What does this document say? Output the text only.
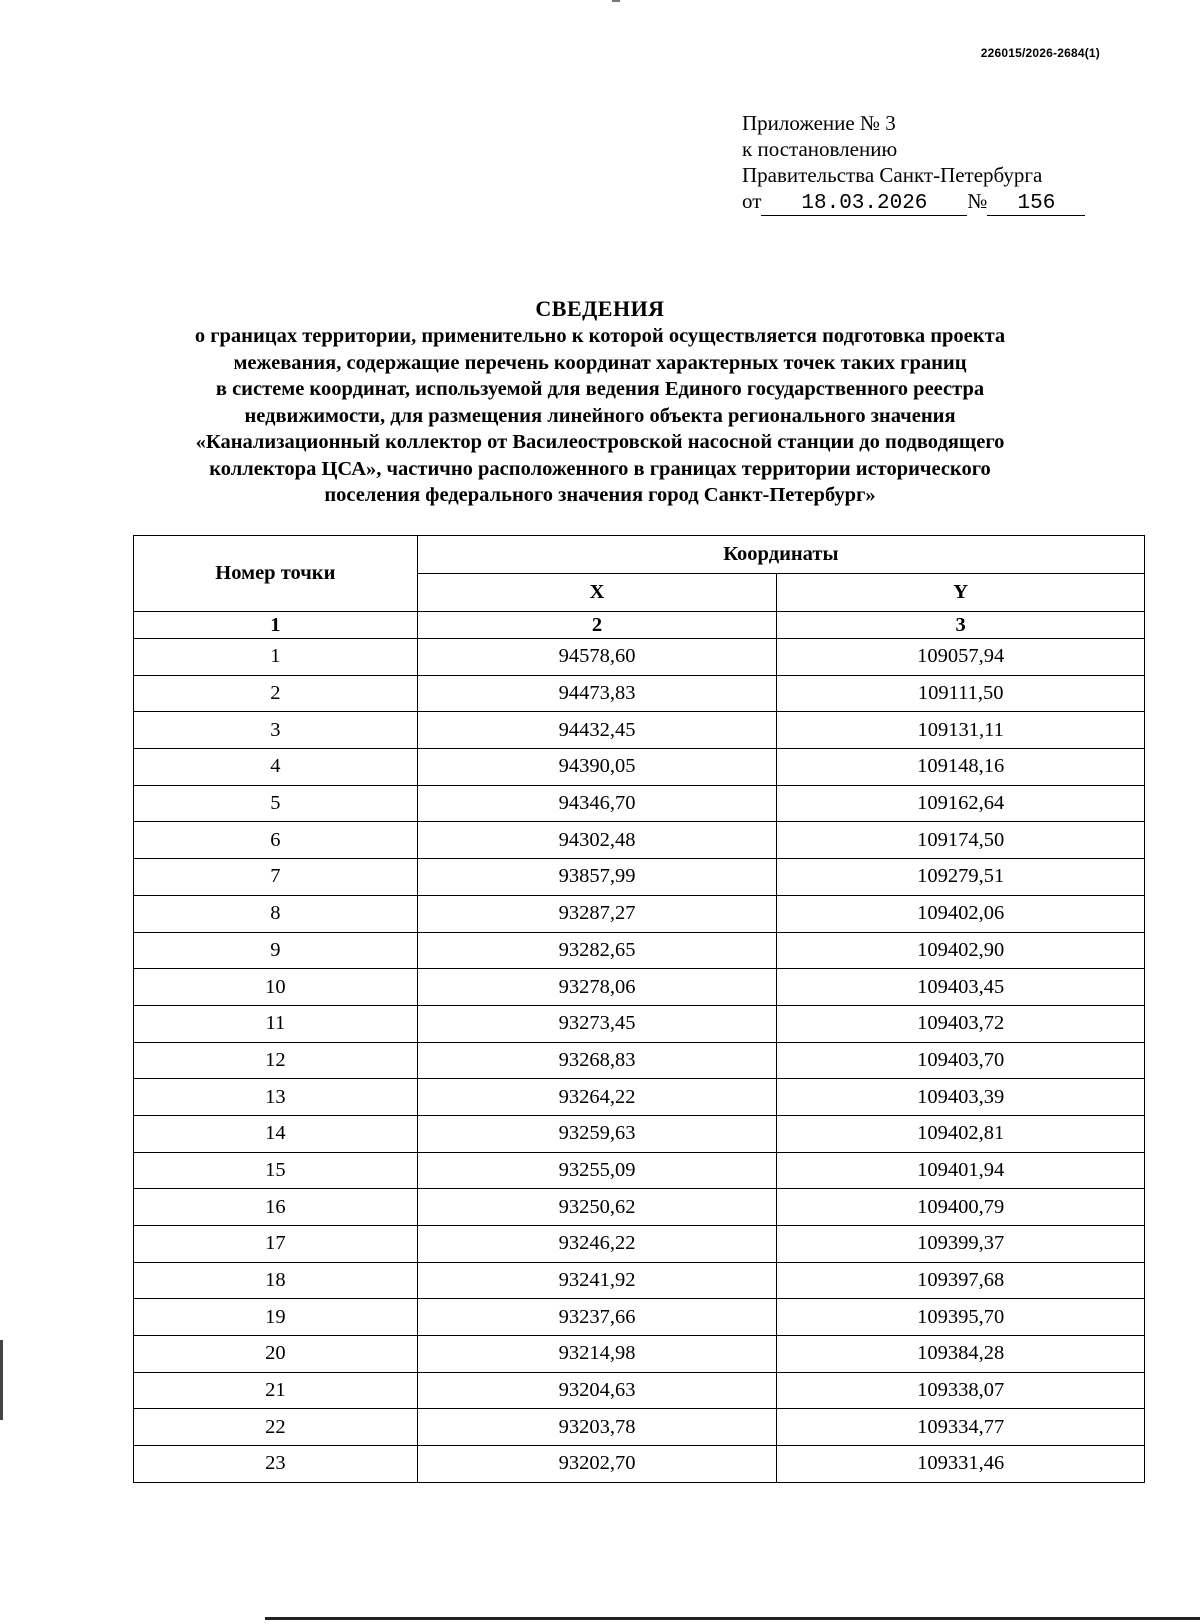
226015/2026-2684(1)
Приложение № 3
к постановлению
Правительства Санкт-Петербурга
от 18.03.2026 № 156
СВЕДЕНИЯ
о границах территории, применительно к которой осуществляется подготовка проекта
межевания, содержащие перечень координат характерных точек таких границ
в системе координат, используемой для ведения Единого государственного реестра
недвижимости, для размещения линейного объекта регионального значения
«Канализационный коллектор от Василеостровской насосной станции до подводящего
коллектора ЦСА», частично расположенного в границах территории исторического
поселения федерального значения город Санкт-Петербург»
Номер точки	Координаты	
	X	Y
1	2	3
1	94578,60	109057,94
2	94473,83	109111,50
3	94432,45	109131,11
4	94390,05	109148,16
5	94346,70	109162,64
6	94302,48	109174,50
7	93857,99	109279,51
8	93287,27	109402,06
9	93282,65	109402,90
10	93278,06	109403,45
11	93273,45	109403,72
12	93268,83	109403,70
13	93264,22	109403,39
14	93259,63	109402,81
15	93255,09	109401,94
16	93250,62	109400,79
17	93246,22	109399,37
18	93241,92	109397,68
19	93237,66	109395,70
20	93214,98	109384,28
21	93204,63	109338,07
22	93203,78	109334,77
23	93202,70	109331,46
